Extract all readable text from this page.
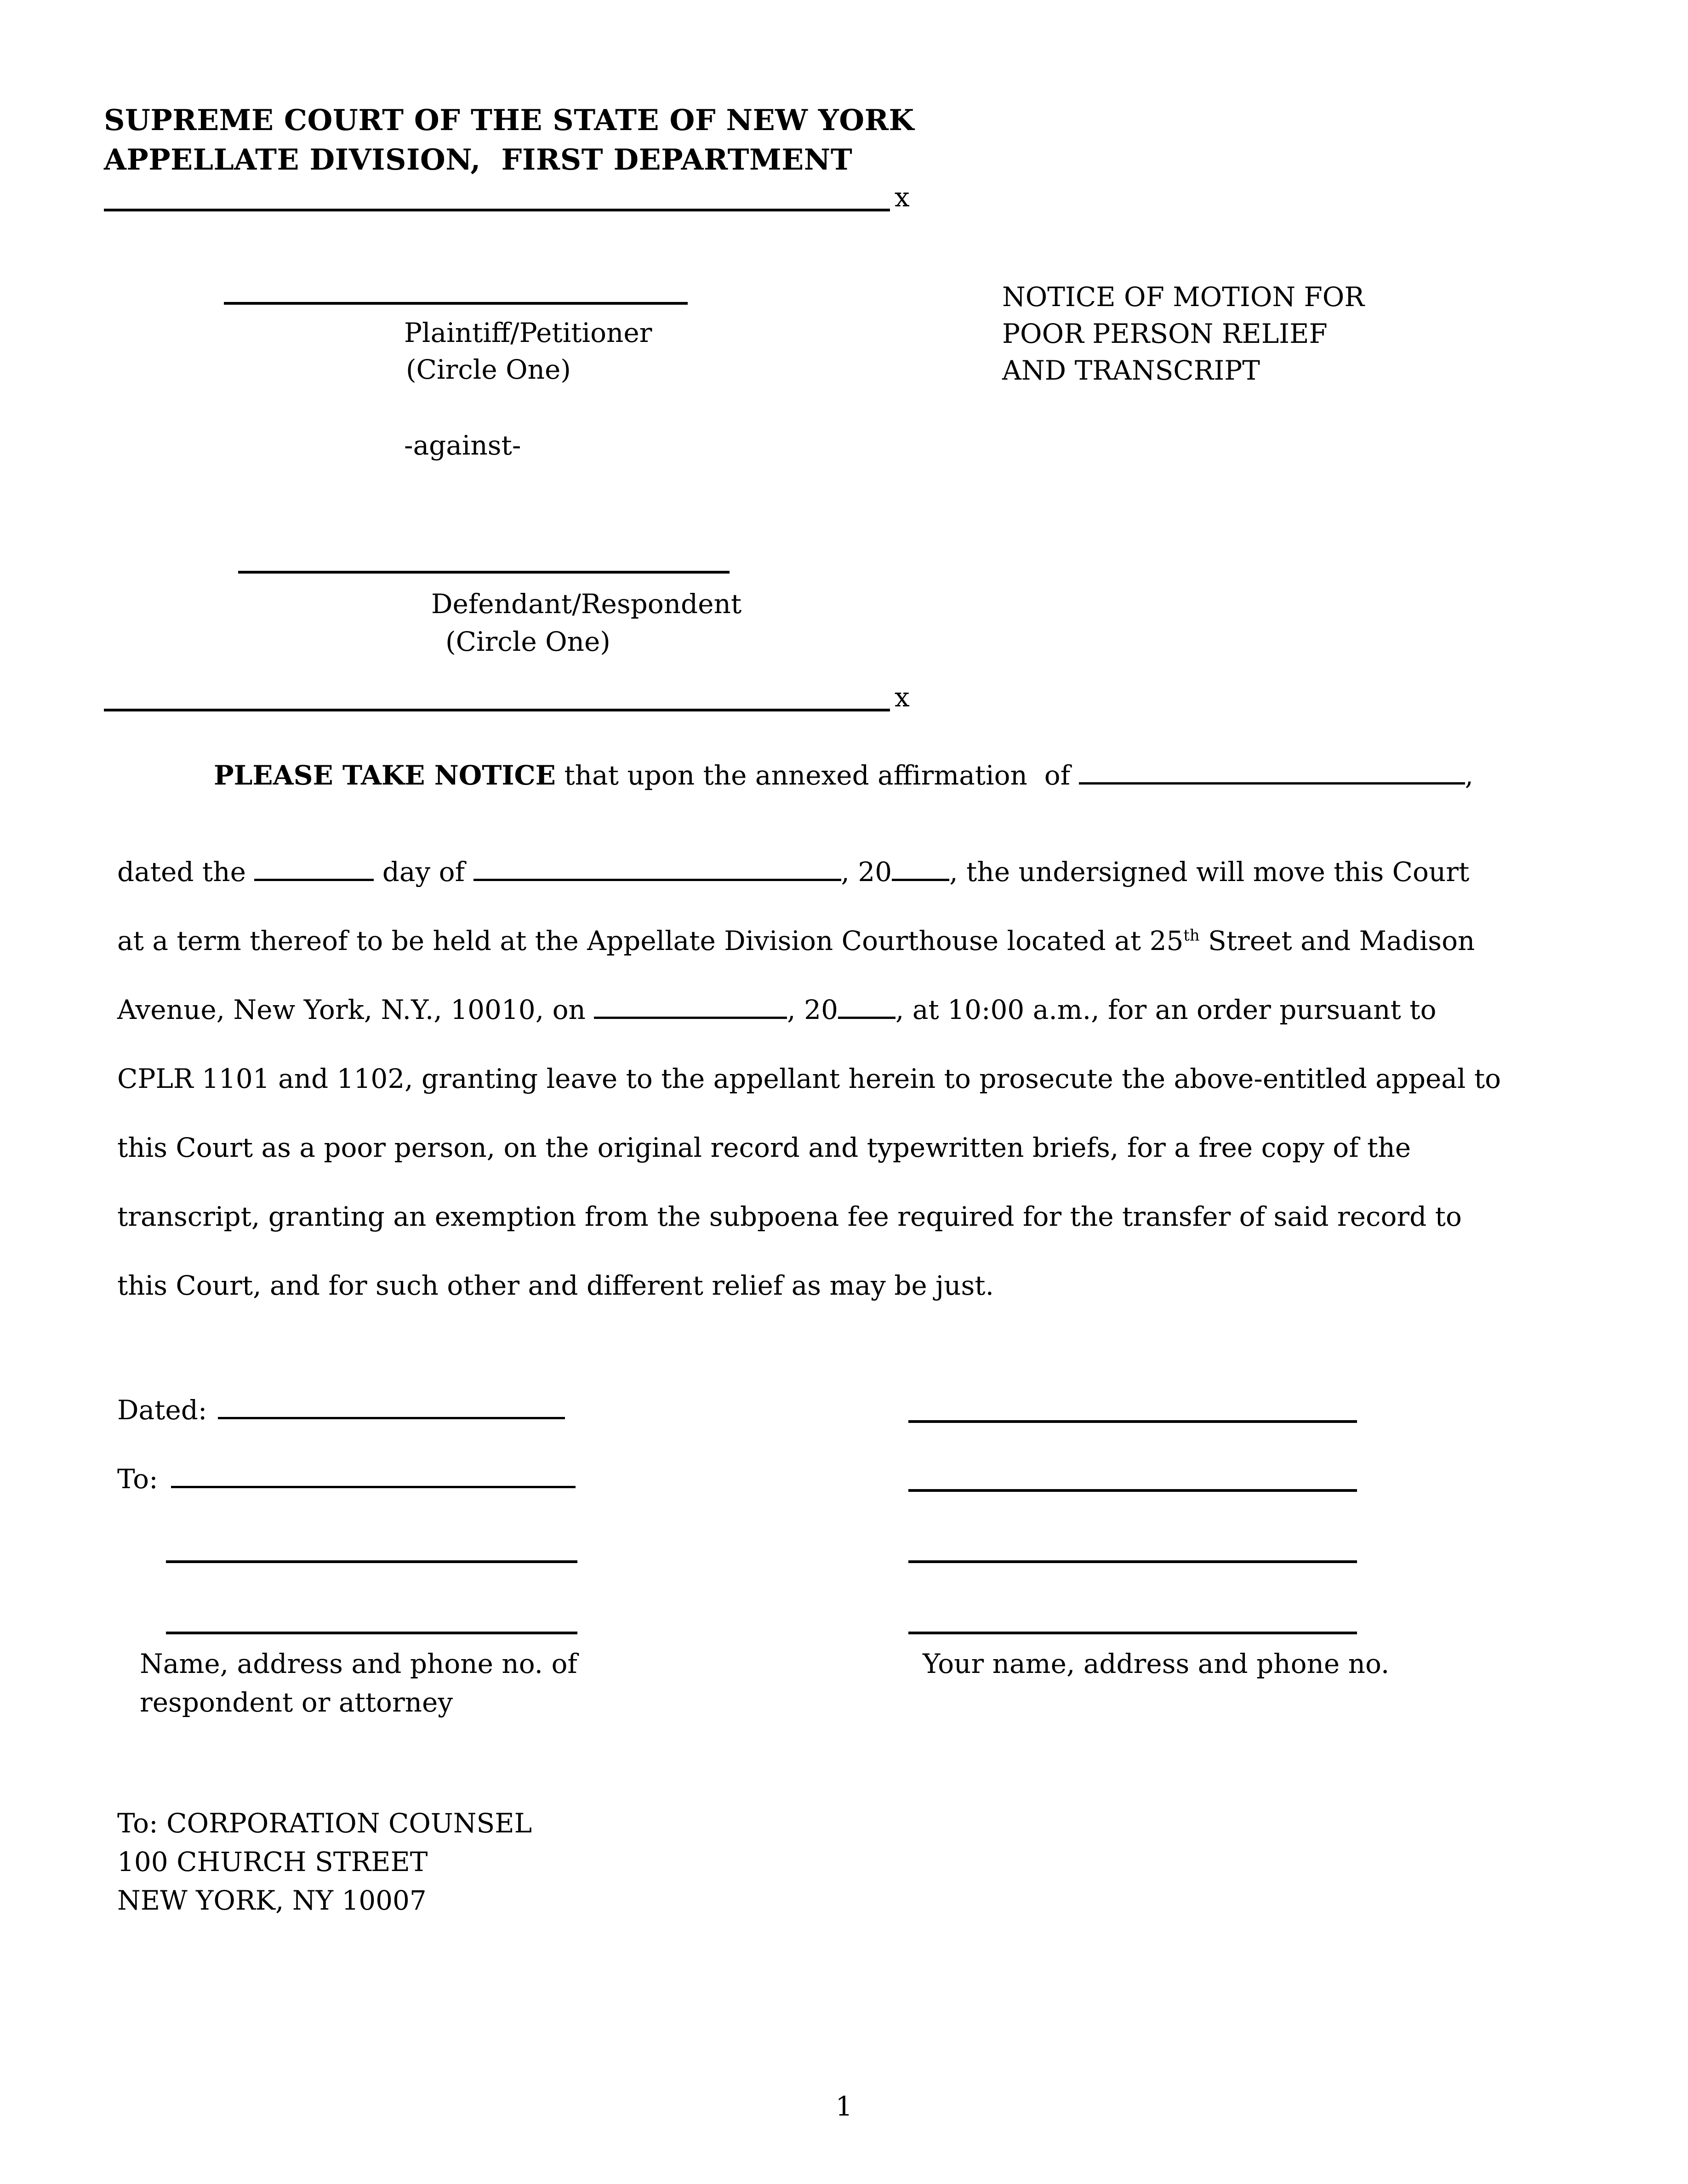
SUPREME COURT OF THE STATE OF NEW YORK
APPELLATE DIVISION,  FIRST DEPARTMENT
x
Plaintiff/Petitioner
(Circle One)
-against-
Defendant/Respondent
(Circle One)
x
NOTICE OF MOTION FOR
POOR PERSON RELIEF
AND TRANSCRIPT
PLEASE TAKE NOTICE that upon the annexed affirmation  of	,
dated the	day of	, 20 , the undersigned will move this Court
at a term thereof to be held at the Appellate Division Courthouse located at 25th Street and Madison
Avenue, New York, N.Y., 10010, on	, 20 , at 10:00 a.m., for an order pursuant to
CPLR 1101 and 1102, granting leave to the appellant herein to prosecute the above-entitled appeal to
this Court as a poor person, on the original record and typewritten briefs, for a free copy of the
transcript, granting an exemption from the subpoena fee required for the transfer of said record to
this Court, and for such other and different relief as may be just.
Dated:
To:
Name, address and phone no. of
respondent or attorney
Your name, address and phone no.
To: CORPORATION COUNSEL
100 CHURCH STREET
NEW YORK, NY 10007
1
